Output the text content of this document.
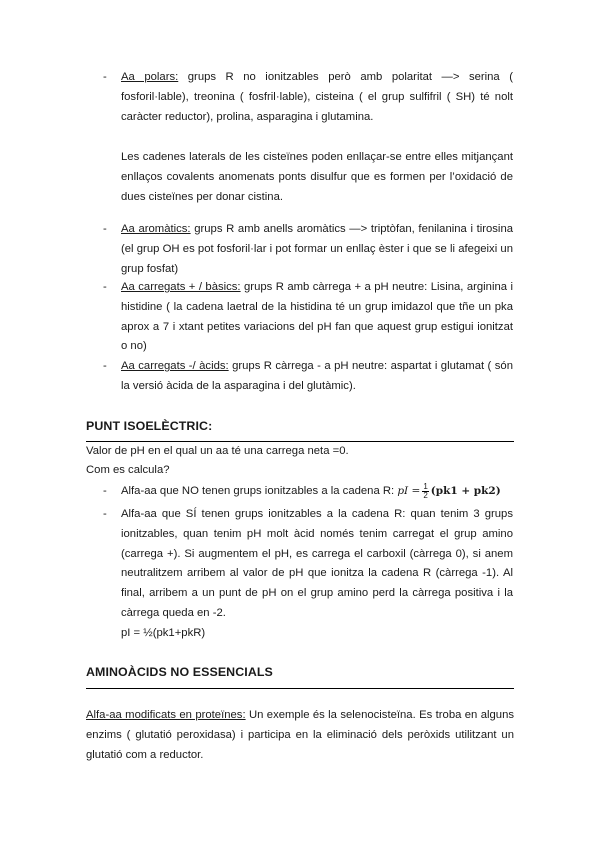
- Aa polars: grups R no ionitzables però amb polaritat —> serina ( fosforil·lable), treonina ( fosfril·lable), cisteina ( el grup sulfifril ( SH) té nolt caràcter reductor), prolina, asparagina i glutamina.

Les cadenes laterals de les cisteïnes poden enllaçar-se entre elles mitjançant enllaços covalents anomenats ponts disulfur que es formen per l’oxidació de dues cisteïnes per donar cistina.

- Aa aromàtics: grups R amb anells aromàtics —> triptòfan, fenilanina i tirosina (el grup OH es pot fosforil·lar i pot formar un enllaç èster i que se li afegeixi un grup fosfat)

- Aa carregats + / bàsics: grups R amb càrrega + a pH neutre: Lisina, arginina i histidine ( la cadena laetral de la histidina té un grup imidazol que tñe un pka aprox a 7 i xtant petites variacions del pH fan que aquest grup estigui ionitzat o no)

- Aa carregats -/ àcids: grups R càrrega - a pH neutre: aspartat i glutamat ( són la versió àcida de la asparagina i del glutàmic).

PUNT ISOELÈCTRIC:

Valor de pH en el qual un aa té una carrega neta =0.

Com es calcula?

- Alfa-aa que NO tenen grups ionitzables a la cadena R: pI = $\frac{1}{2} (pk1 + pk2)$

- Alfa-aa que SÍ tenen grups ionitzables a la cadena R: quan tenim 3 grups ionitzables, quan tenim pH molt àcid només tenim carregat el grup amino (carrega +). Si augmentem el pH, es carrega el carboxil (càrrega 0), si anem neutralitzem arribem al valor de pH que ionitza la cadena R (càrrega -1). Al final, arribem a un punt de pH on el grup amino perd la càrrega positiva i la càrrega queda en -2.

pI = ½(pk1+pkR)

AMINOÀCIDS NO ESSENCIALS

Alfa-aa modificats en proteïnes: Un exemple és la selenocisteïna. Es troba en alguns enzims ( glutatió peroxidasa) i participa en la eliminació dels peròxids utilitzant un glutatió com a reductor.
